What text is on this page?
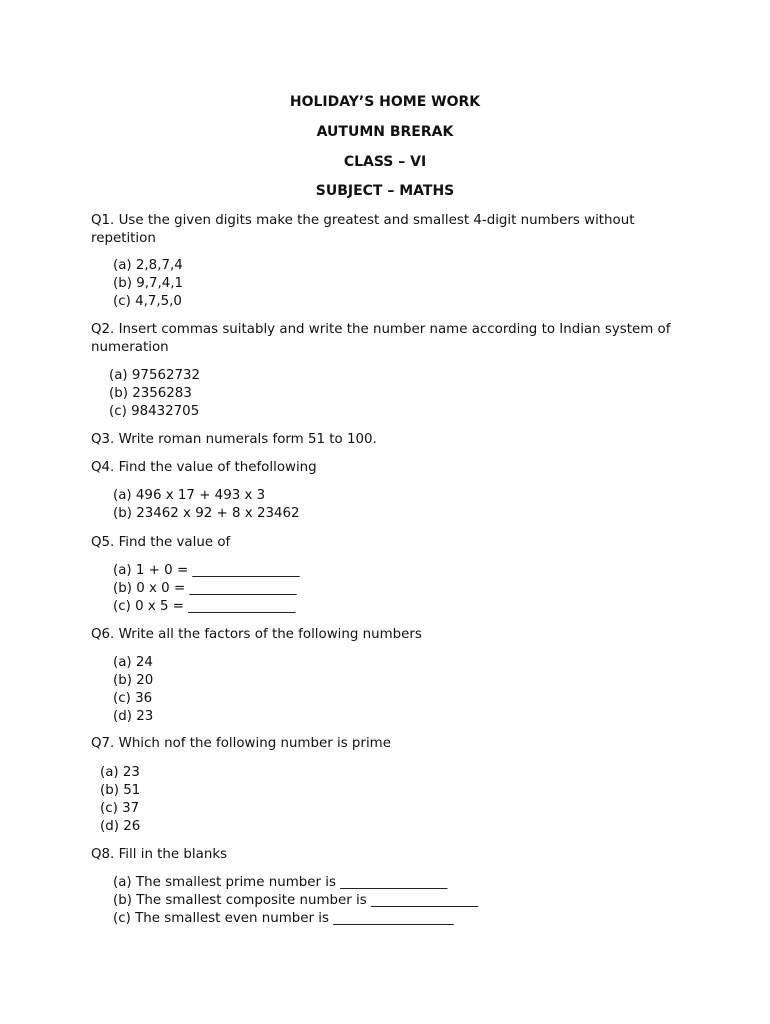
HOLIDAY’S HOME WORK
AUTUMN BRERAK
CLASS – VI
SUBJECT – MATHS
Q1. Use the given digits make the greatest and smallest 4-digit numbers without repetition
(a) 2,8,7,4
(b) 9,7,4,1
(c) 4,7,5,0
Q2. Insert commas suitably and write the number name according to Indian system of numeration
(a) 97562732
(b) 2356283
(c) 98432705
Q3. Write roman numerals form 51 to 100.
Q4. Find the value of thefollowing
(a) 496 x 17 + 493 x 3
(b) 23462 x 92 + 8 x 23462
Q5. Find the value of
(a) 1 + 0 = ________________
(b) 0 x 0 = ________________
(c) 0 x 5 = ________________
Q6. Write all the factors of the following numbers
(a) 24
(b) 20
(c) 36
(d) 23
Q7. Which nof the following number is prime
(a) 23
(b) 51
(c) 37
(d) 26
Q8. Fill in the blanks
(a) The smallest prime number is ________________
(b) The smallest composite number is ________________
(c) The smallest even number is __________________
